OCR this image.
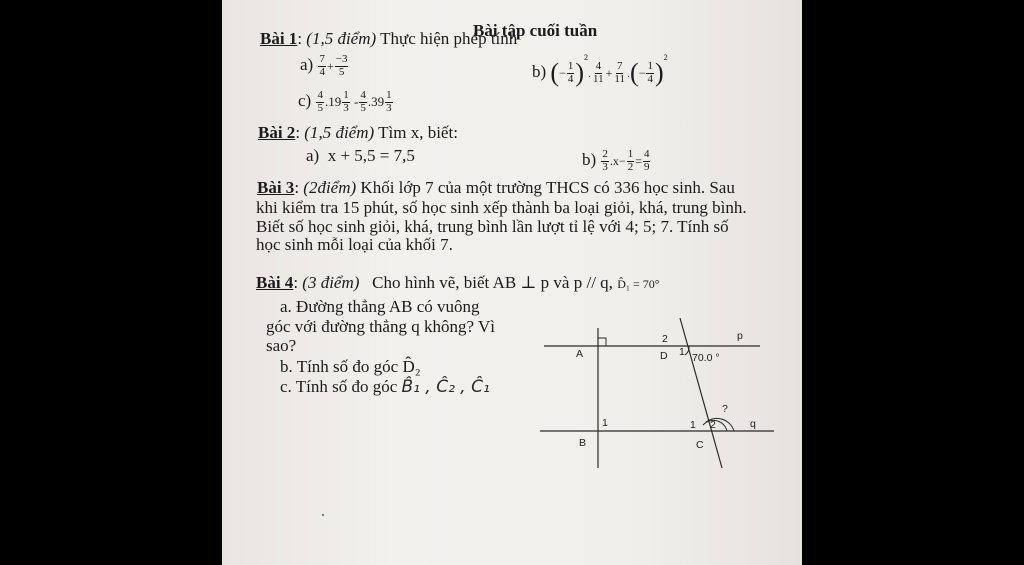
Bài tập cuối tuần
Bài 1: (1,5 điểm) Thực hiện phép tính
$a) \frac{7}{4} + \frac{-3}{5}$	b) (− $\frac{1}{4} )^2$. $\frac{4}{11} + \frac{7}{11}$ .(− $\frac{1}{4} )^2$
$c) \frac{4}{5} .19 \frac{1}{3} - \frac{4}{5} .39 \frac{1}{3}$
Bài 2: (1,5 điểm) Tìm x, biết:
a) x + 5,5 = 7,5	$b) \frac{2}{3} .x- \frac{1}{2} = \frac{4}{9}$
Bài 3: (2điểm) Khối lớp 7 của một trường THCS có 336 học sinh. Sau
khi kiểm tra 15 phút, số học sinh xếp thành ba loại giỏi, khá, trung bình.
Biết số học sinh giỏi, khá, trung bình lần lượt tỉ lệ với 4; 5; 7. Tính số
học sinh mỗi loại của khối 7.
Bài 4: (3 điểm) Cho hình vẽ, biết AB ⊥ p và p // q, D̂₁ = 70°
a. Đường thẳng AB có vuông
góc với đường thẳng q không? Vì
sao?
b. Tính số đo góc D̂₂
c. Tính số đo góc B̂₁ , Ĉ₂ , Ĉ₁
A
B
D
C
p
q
2
1 70.0 °
1	1 2
?
